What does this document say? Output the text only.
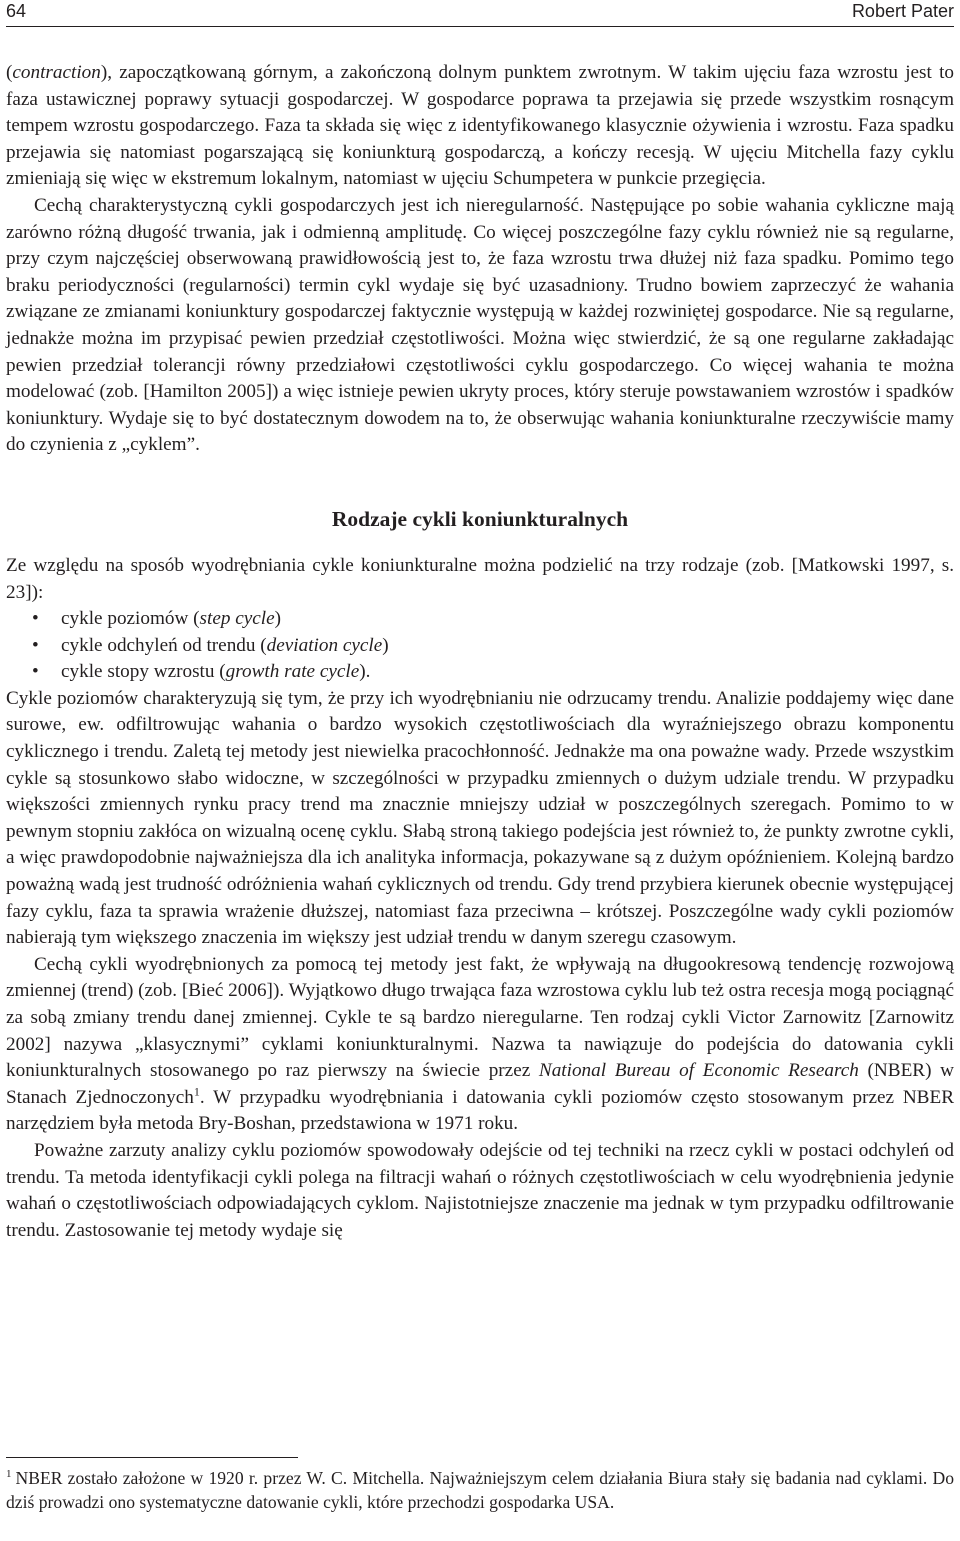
64	Robert Pater

(contraction), zapoczątkowaną górnym, a zakończoną dolnym punktem zwrotnym. W takim ujęciu faza wzrostu jest to faza ustawicznej poprawy sytuacji gospodarczej. W gospodarce poprawa ta przejawia się przede wszystkim rosnącym tempem wzrostu gospodarczego. Faza ta składa się więc z identyfikowanego klasycznie ożywienia i wzrostu. Faza spadku przejawia się natomiast pogarszającą się koniunkturą gospodarczą, a kończy recesją. W ujęciu Mitchella fazy cyklu zmieniają się więc w ekstremum lokalnym, natomiast w ujęciu Schumpetera w punkcie przegięcia.

Cechą charakterystyczną cykli gospodarczych jest ich nieregularność. Następujące po sobie wahania cykliczne mają zarówno różną długość trwania, jak i odmienną amplitudę. Co więcej poszczególne fazy cyklu również nie są regularne, przy czym najczęściej obserwowaną prawidłowością jest to, że faza wzrostu trwa dłużej niż faza spadku. Pomimo tego braku periodyczności (regularności) termin cykl wydaje się być uzasadniony. Trudno bowiem zaprzeczyć że wahania związane ze zmianami koniunktury gospodarczej faktycznie występują w każdej rozwiniętej gospodarce. Nie są regularne, jednakże można im przypisać pewien przedział częstotliwości. Można więc stwierdzić, że są one regularne zakładając pewien przedział tolerancji równy przedziałowi częstotliwości cyklu gospodarczego. Co więcej wahania te można modelować (zob. [Hamilton 2005]) a więc istnieje pewien ukryty proces, który steruje powstawaniem wzrostów i spadków koniunktury. Wydaje się to być dostatecznym dowodem na to, że obserwując wahania koniunkturalne rzeczywiście mamy do czynienia z „cyklem”.

Rodzaje cykli koniunkturalnych

Ze względu na sposób wyodrębniania cykle koniunkturalne można podzielić na trzy rodzaje (zob. [Matkowski 1997, s. 23]):

• cykle poziomów (step cycle)
• cykle odchyleń od trendu (deviation cycle)
• cykle stopy wzrostu (growth rate cycle).

Cykle poziomów charakteryzują się tym, że przy ich wyodrębnianiu nie odrzucamy trendu. Analizie poddajemy więc dane surowe, ew. odfiltrowując wahania o bardzo wysokich częstotliwościach dla wyraźniejszego obrazu komponentu cyklicznego i trendu. Zaletą tej metody jest niewielka pracochłonność. Jednakże ma ona poważne wady. Przede wszystkim cykle są stosunkowo słabo widoczne, w szczególności w przypadku zmiennych o dużym udziale trendu. W przypadku większości zmiennych rynku pracy trend ma znacznie mniejszy udział w poszczególnych szeregach. Pomimo to w pewnym stopniu zakłóca on wizualną ocenę cyklu. Słabą stroną takiego podejścia jest również to, że punkty zwrotne cykli, a więc prawdopodobnie najważniejsza dla ich analityka informacja, pokazywane są z dużym opóźnieniem. Kolejną bardzo poważną wadą jest trudność odróżnienia wahań cyklicznych od trendu. Gdy trend przybiera kierunek obecnie występującej fazy cyklu, faza ta sprawia wrażenie dłuższej, natomiast faza przeciwna – krótszej. Poszczególne wady cykli poziomów nabierają tym większego znaczenia im większy jest udział trendu w danym szeregu czasowym.

Cechą cykli wyodrębnionych za pomocą tej metody jest fakt, że wpływają na długookresową tendencję rozwojową zmiennej (trend) (zob. [Bieć 2006]). Wyjątkowo długo trwająca faza wzrostowa cyklu lub też ostra recesja mogą pociągnąć za sobą zmiany trendu danej zmiennej. Cykle te są bardzo nieregularne. Ten rodzaj cykli Victor Zarnowitz [Zarnowitz 2002] nazywa „klasycznymi” cyklami koniunkturalnymi. Nazwa ta nawiązuje do podejścia do datowania cykli koniunkturalnych stosowanego po raz pierwszy na świecie przez National Bureau of Economic Research (NBER) w Stanach Zjednoczonych$^1$. W przypadku wyodrębniania i datowania cykli poziomów często stosowanym przez NBER narzędziem była metoda Bry-Boshan, przedstawiona w 1971 roku.

Poważne zarzuty analizy cyklu poziomów spowodowały odejście od tej techniki na rzecz cykli w postaci odchyleń od trendu. Ta metoda identyfikacji cykli polega na filtracji wahań o różnych częstotliwościach w celu wyodrębnienia jedynie wahań o częstotliwościach odpowiadających cyklom. Najistotniejsze znaczenie ma jednak w tym przypadku odfiltrowanie trendu. Zastosowanie tej metody wydaje się

$^1$ NBER zostało założone w 1920 r. przez W. C. Mitchella. Najważniejszym celem działania Biura stały się badania nad cyklami. Do dziś prowadzi ono systematyczne datowanie cykli, które przechodzi gospodarka USA.
